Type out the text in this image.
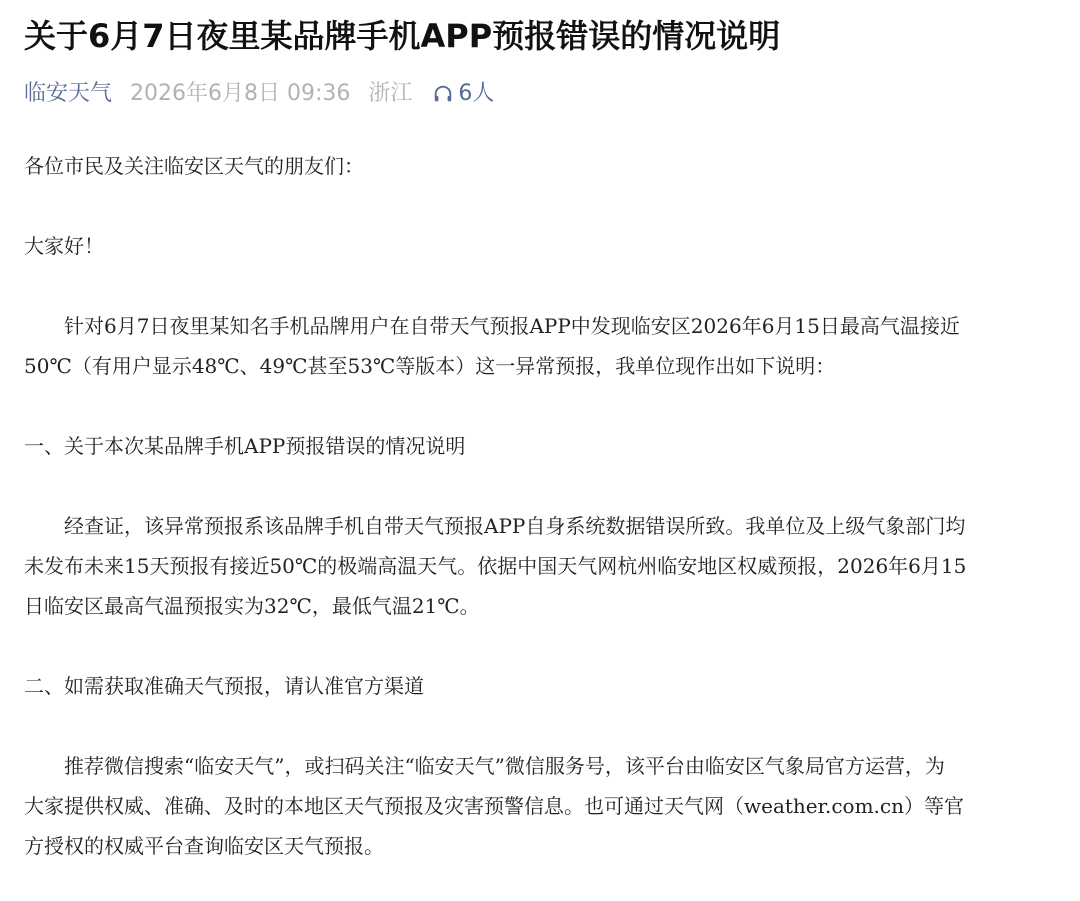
关于6月7日夜里某品牌手机APP预报错误的情况说明
临安天气 2026年6月8日 09:36 浙江 6人

各位市民及关注临安区天气的朋友们：

大家好！

针对6月7日夜里某知名手机品牌用户在自带天气预报APP中发现临安区2026年6月15日最高气温接近
50℃（有用户显示48℃、49℃甚至53℃等版本）这一异常预报，我单位现作出如下说明：

一、关于本次某品牌手机APP预报错误的情况说明

经查证，该异常预报系该品牌手机自带天气预报APP自身系统数据错误所致。我单位及上级气象部门均
未发布未来15天预报有接近50℃的极端高温天气。依据中国天气网杭州临安地区权威预报，2026年6月15
日临安区最高气温预报实为32℃，最低气温21℃。

二、如需获取准确天气预报，请认准官方渠道

推荐微信搜索“临安天气”，或扫码关注“临安天气”微信服务号，该平台由临安区气象局官方运营，为
大家提供权威、准确、及时的本地区天气预报及灾害预警信息。也可通过天气网（weather.com.cn）等官
方授权的权威平台查询临安区天气预报。
